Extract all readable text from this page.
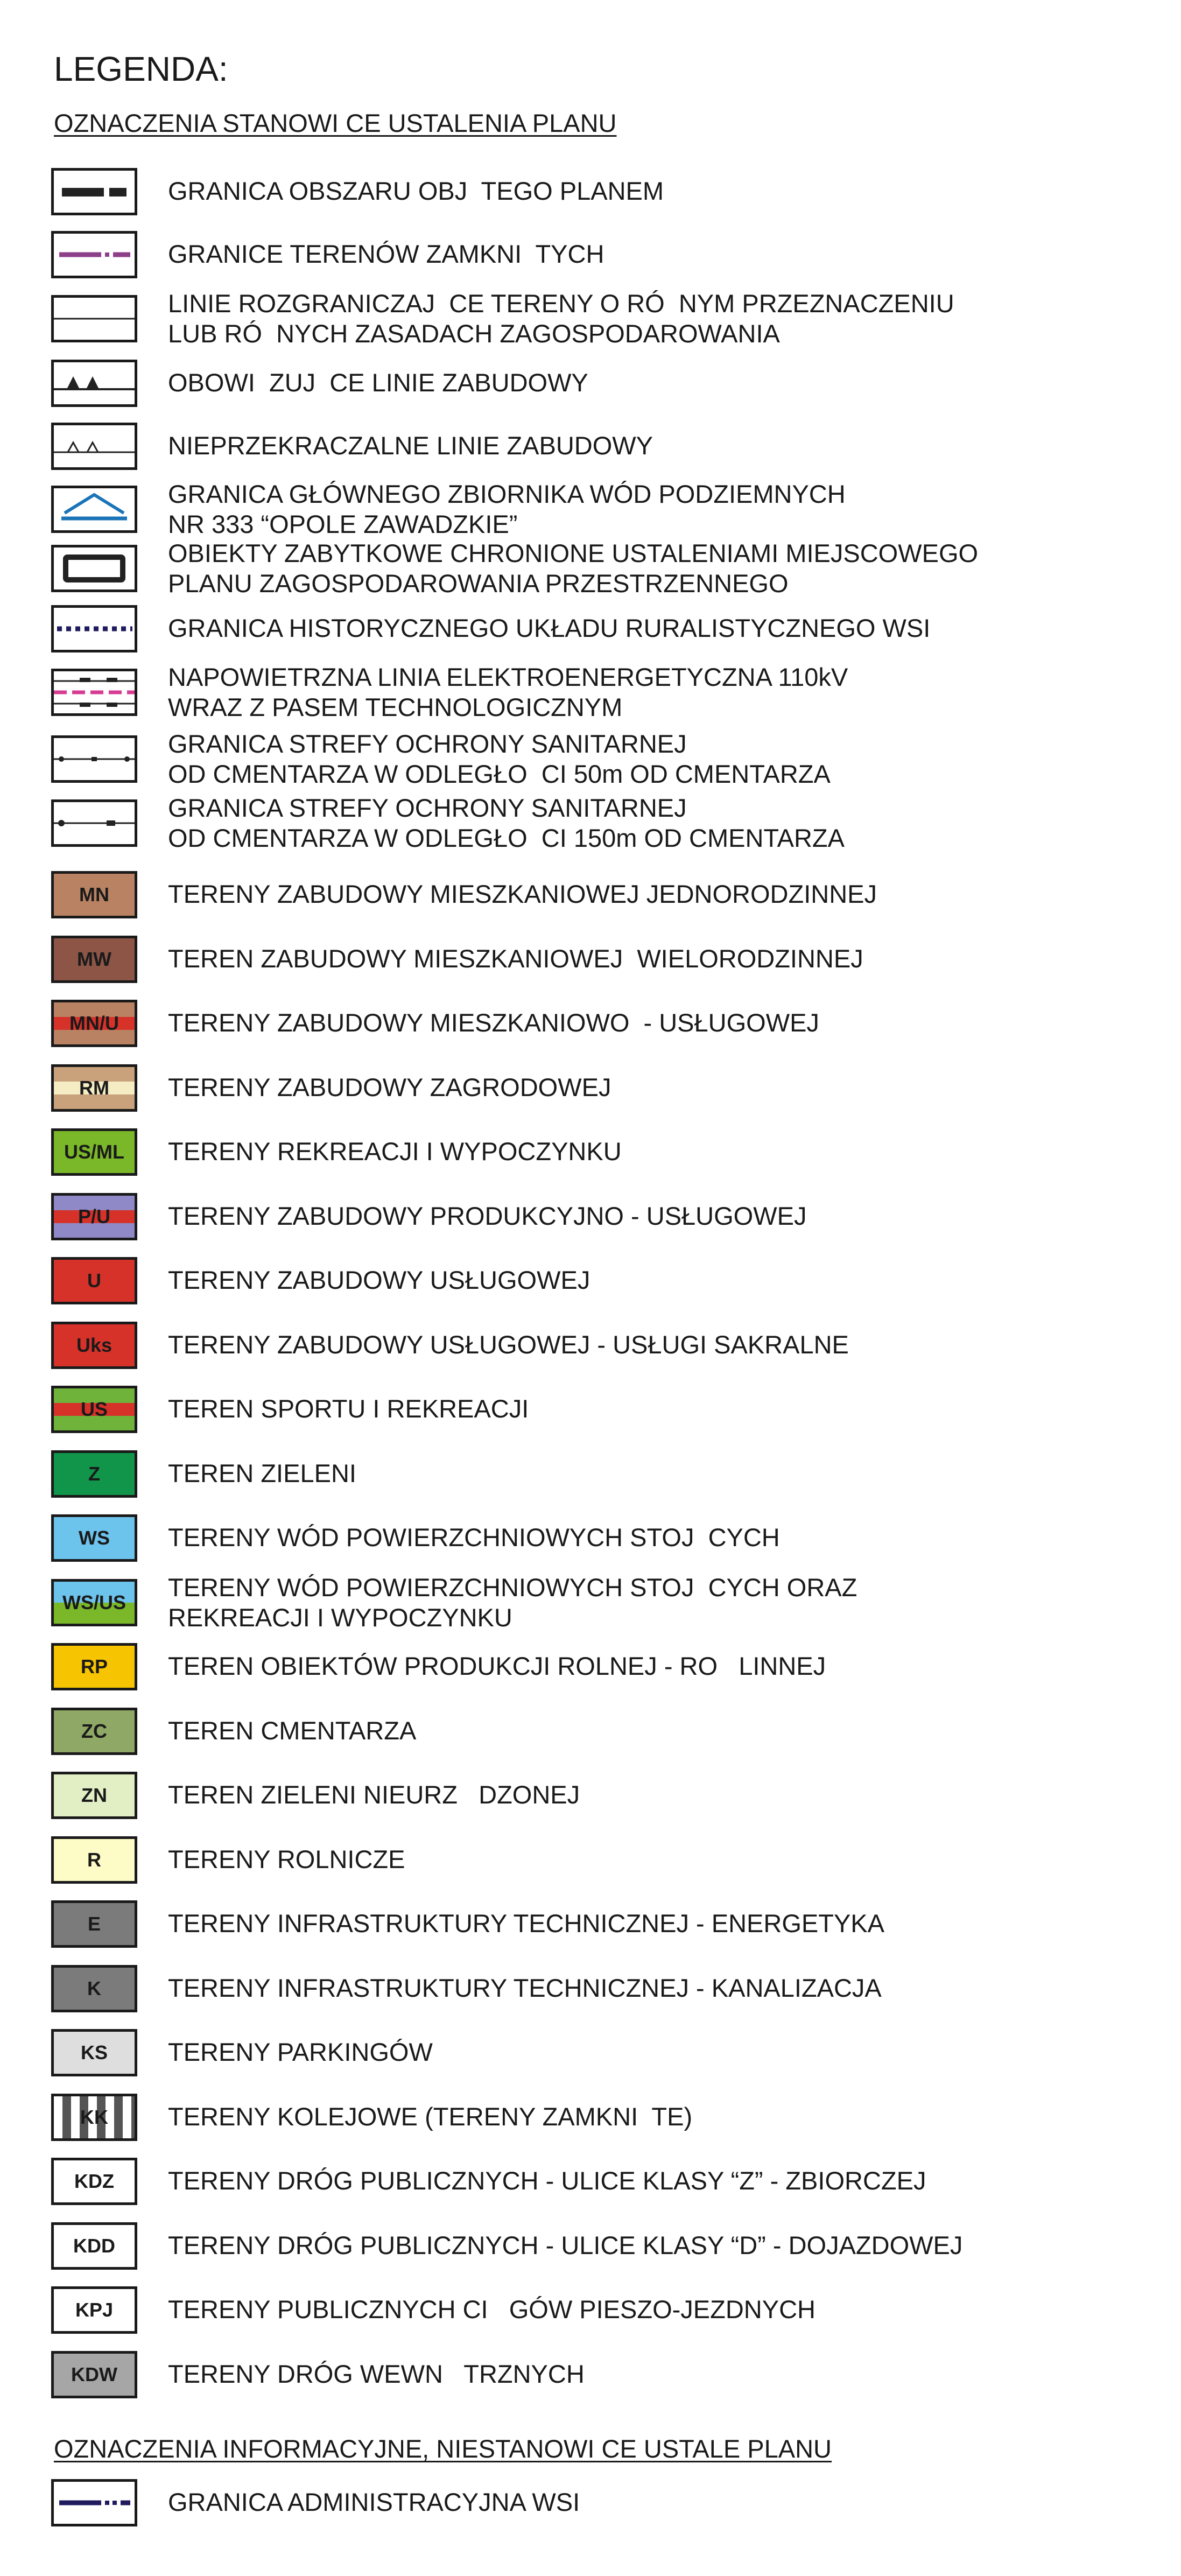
LEGENDA:
OZNACZENIA STANOWI CE USTALENIA PLANU
GRANICA OBSZARU OBJ  TEGO PLANEM
GRANICE TERENÓW ZAMKNI  TYCH
LINIE ROZGRANICZAJ  CE TERENY O RÓ  NYM PRZEZNACZENIU
LUB RÓ  NYCH ZASADACH ZAGOSPODAROWANIA
OBOWI  ZUJ  CE LINIE ZABUDOWY
NIEPRZEKRACZALNE LINIE ZABUDOWY
GRANICA GŁÓWNEGO ZBIORNIKA WÓD PODZIEMNYCH
NR 333 “OPOLE ZAWADZKIE”
OBIEKTY ZABYTKOWE CHRONIONE USTALENIAMI MIEJSCOWEGO
PLANU ZAGOSPODAROWANIA PRZESTRZENNEGO
GRANICA HISTORYCZNEGO UKŁADU RURALISTYCZNEGO WSI
NAPOWIETRZNA LINIA ELEKTROENERGETYCZNA 110kV
WRAZ Z PASEM TECHNOLOGICZNYM
GRANICA STREFY OCHRONY SANITARNEJ
OD CMENTARZA W ODLEGŁO  CI 50m OD CMENTARZA
GRANICA STREFY OCHRONY SANITARNEJ
OD CMENTARZA W ODLEGŁO  CI 150m OD CMENTARZA
MN TERENY ZABUDOWY MIESZKANIOWEJ JEDNORODZINNEJ
MW TEREN ZABUDOWY MIESZKANIOWEJ  WIELORODZINNEJ
MN/U TERENY ZABUDOWY MIESZKANIOWO  - USŁUGOWEJ
RM TERENY ZABUDOWY ZAGRODOWEJ
US/ML TERENY REKREACJI I WYPOCZYNKU
P/U TERENY ZABUDOWY PRODUKCYJNO - USŁUGOWEJ
U	TERENY ZABUDOWY USŁUGOWEJ
Uks TERENY ZABUDOWY USŁUGOWEJ - USŁUGI SAKRALNE
US TEREN SPORTU I REKREACJI
Z	TEREN ZIELENI
WS TERENY WÓD POWIERZCHNIOWYCH STOJ  CYCH
WS/US
TERENY WÓD POWIERZCHNIOWYCH STOJ  CYCH ORAZ
REKREACJI I WYPOCZYNKU
RP TEREN OBIEKTÓW PRODUKCJI ROLNEJ - RO   LINNEJ
ZC TEREN CMENTARZA
ZN TEREN ZIELENI NIEURZ   DZONEJ
R	TERENY ROLNICZE
E	TERENY INFRASTRUKTURY TECHNICZNEJ - ENERGETYKA
K	TERENY INFRASTRUKTURY TECHNICZNEJ - KANALIZACJA
KS TERENY PARKINGÓW
KK TERENY KOLEJOWE (TERENY ZAMKNI  TE)
KDZ TERENY DRÓG PUBLICZNYCH - ULICE KLASY “Z” - ZBIORCZEJ
KDD TERENY DRÓG PUBLICZNYCH - ULICE KLASY “D” - DOJAZDOWEJ
KPJ TERENY PUBLICZNYCH CI   GÓW PIESZO-JEZDNYCH
KDW TERENY DRÓG WEWN   TRZNYCH
OZNACZENIA INFORMACYJNE, NIESTANOWI CE USTALE PLANU
GRANICA ADMINISTRACYJNA WSI
